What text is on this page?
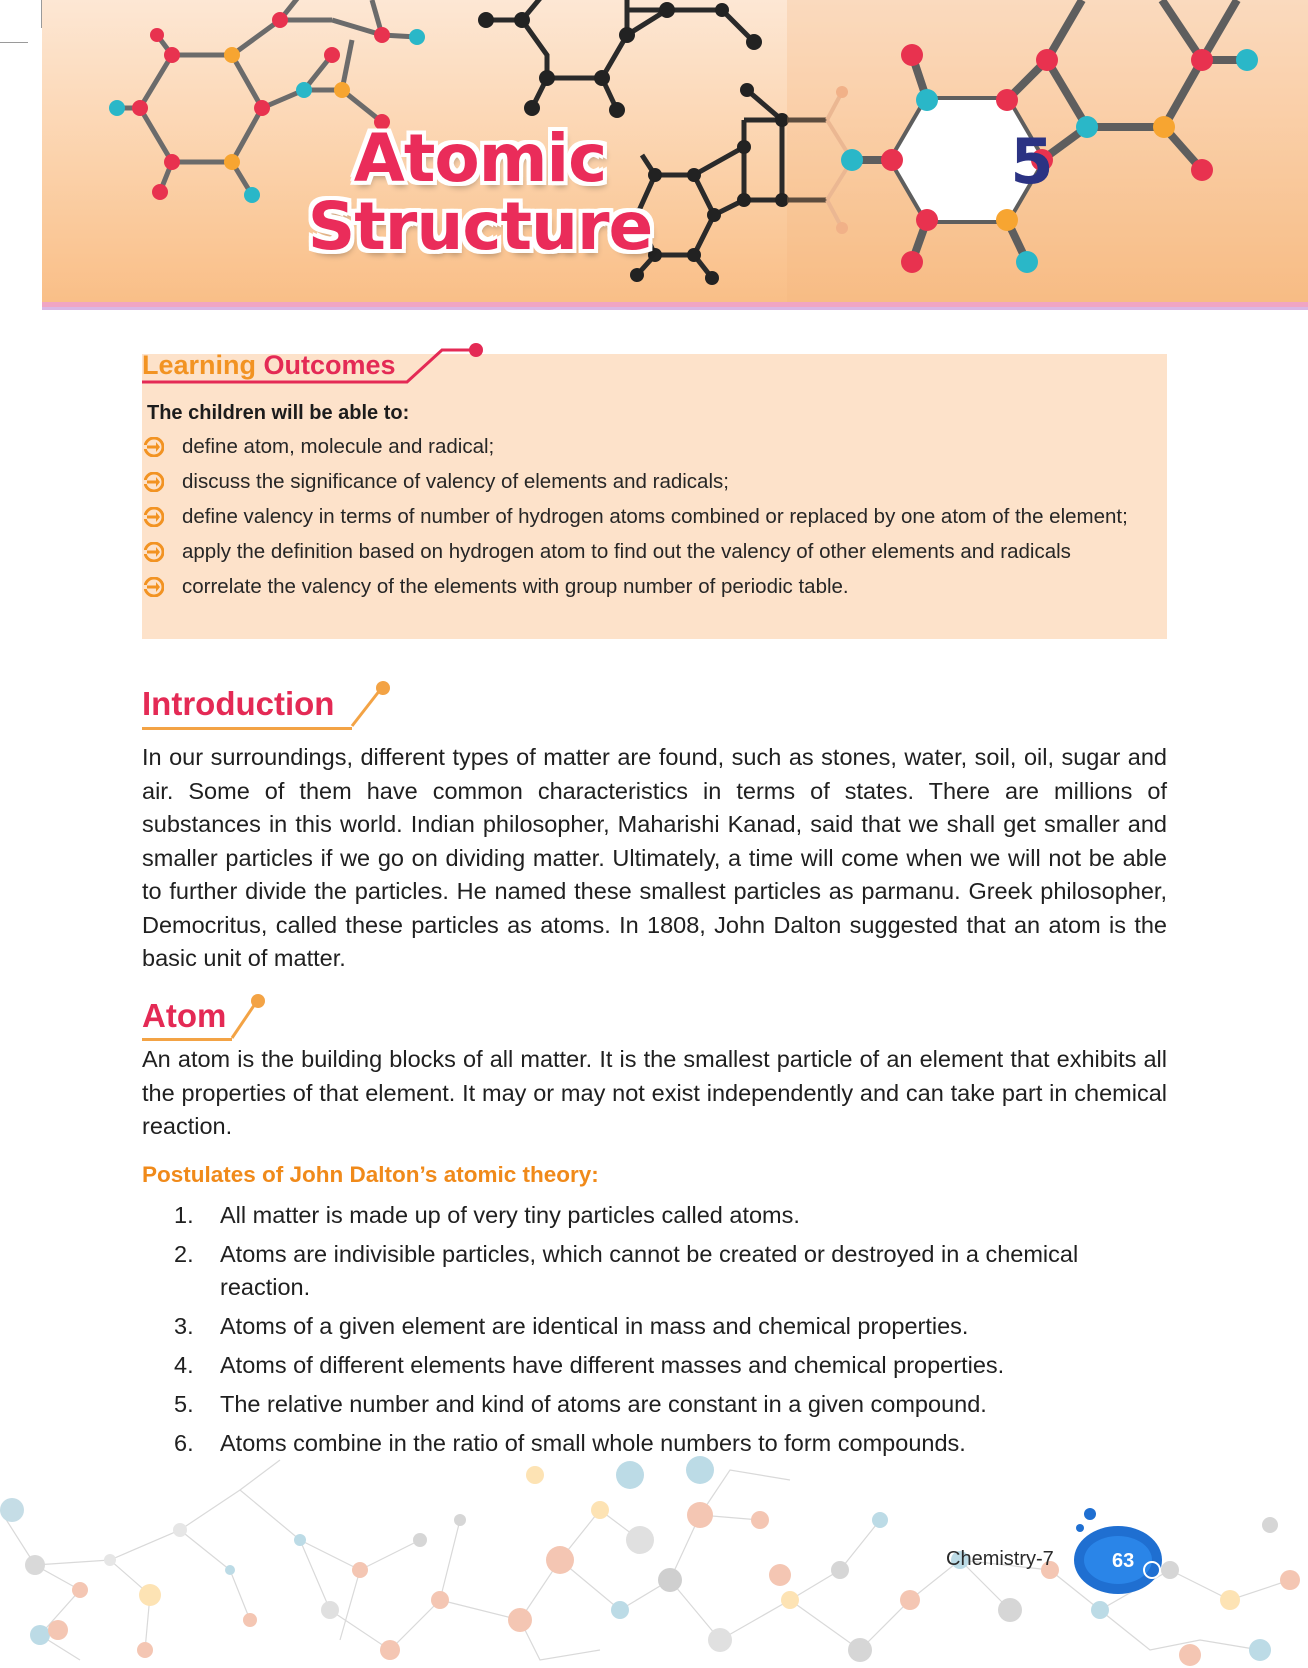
Atomic
Structure
5
Learning Outcomes
The children will be able to:
define atom, molecule and radical;
discuss the significance of valency of elements and radicals;
define valency in terms of number of hydrogen atoms combined or replaced by one atom of the element;
apply the definition based on hydrogen atom to find out the valency of other elements and radicals
correlate the valency of the elements with group number of periodic table.
Introduction

In our surroundings, different types of matter are found, such as stones, water, soil, oil, sugar and air. Some of them have common characteristics in terms of states. There are millions of substances in this world. Indian philosopher, Maharishi Kanad, said that we shall get smaller and smaller particles if we go on dividing matter. Ultimately, a time will come when we will not be able to further divide the particles. He named these smallest particles as parmanu. Greek philosopher, Democritus, called these particles as atoms. In 1808, John Dalton suggested that an atom is the basic unit of matter.

Atom

An atom is the building blocks of all matter. It is the smallest particle of an element that exhibits all the properties of that element. It may or may not exist independently and can take part in chemical reaction.

Postulates of John Dalton’s atomic theory:
1.	All matter is made up of very tiny particles called atoms.
2.	Atoms are indivisible particles, which cannot be created or destroyed in a chemical reaction.
3.	Atoms of a given element are identical in mass and chemical properties.
4.	Atoms of different elements have different masses and chemical properties.
5.	The relative number and kind of atoms are constant in a given compound.
6.	Atoms combine in the ratio of small whole numbers to form compounds.
Chemistry-7	63
